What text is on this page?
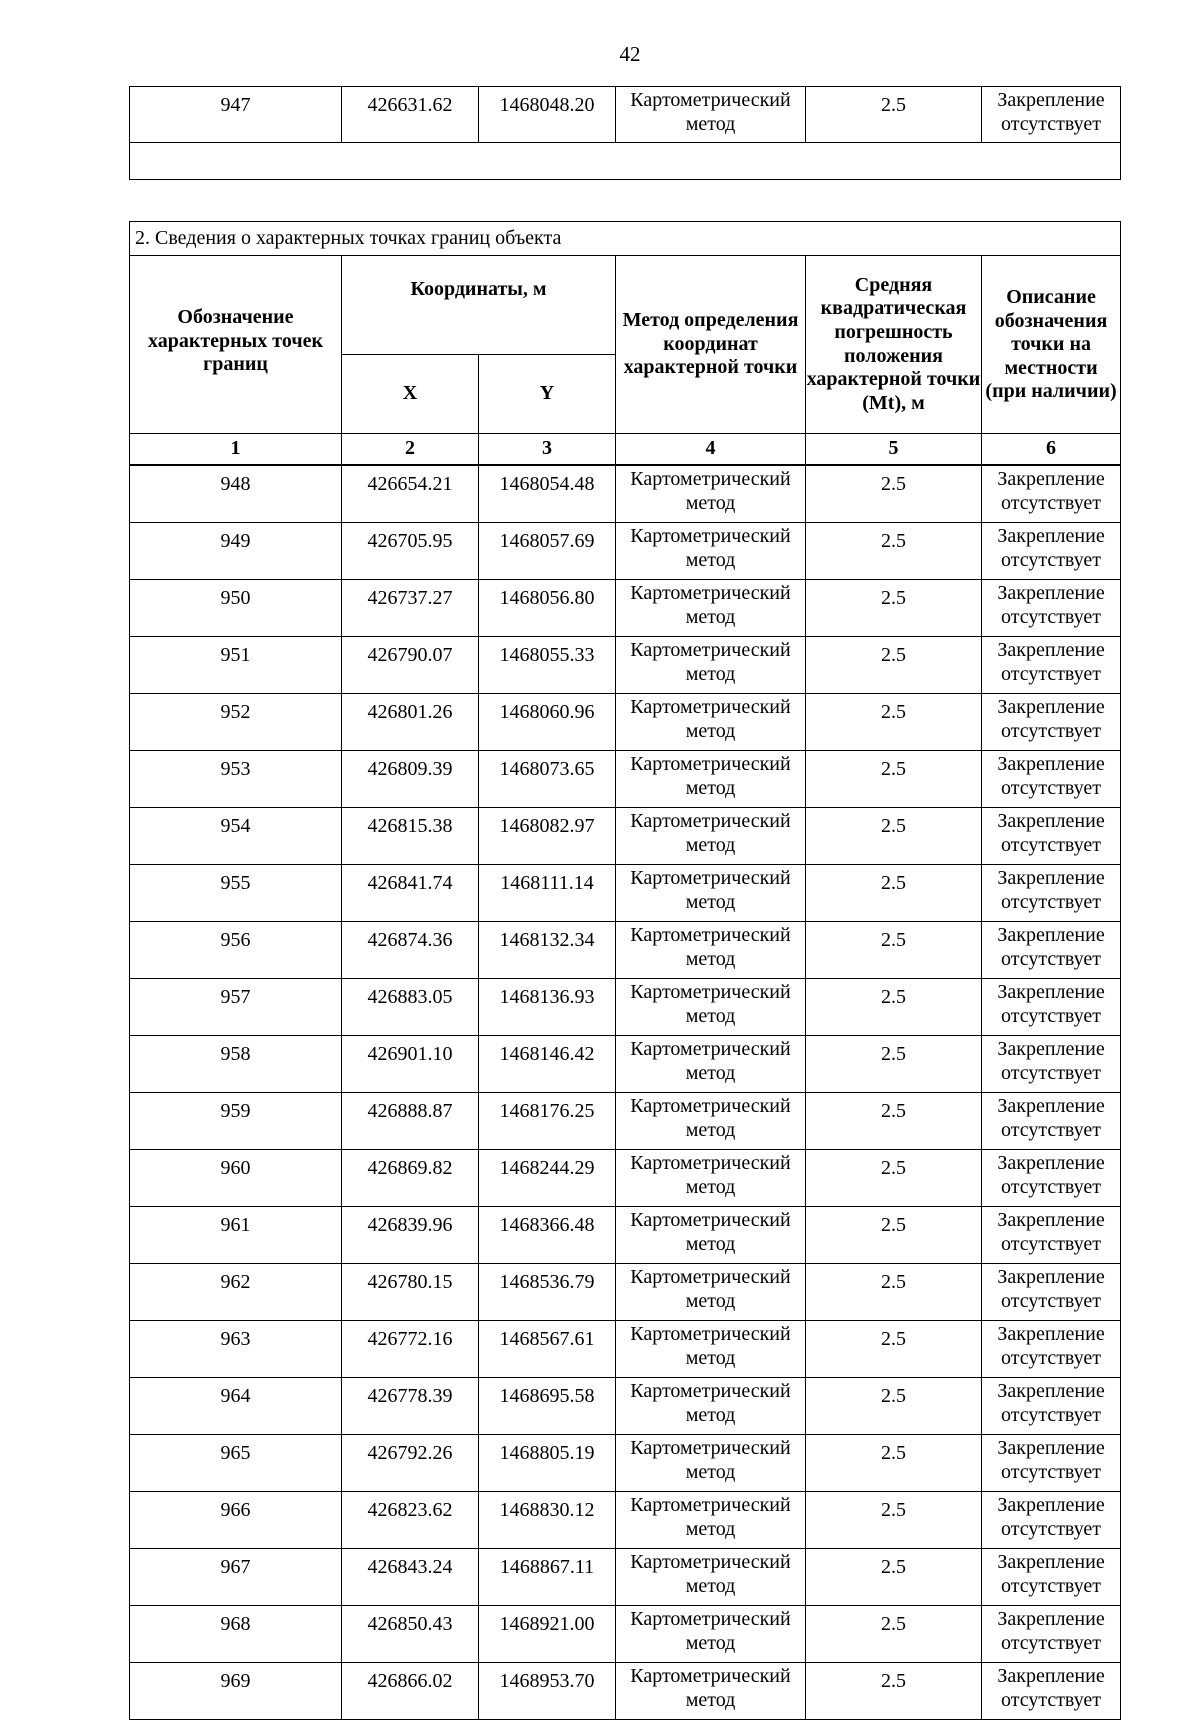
42
947	426631.62	1468048.20	Картометрический метод	2.5	Закрепление отсутствует

2. Сведения о характерных точках границ объекта					
Обозначение характерных точек границ	Координаты, м		Метод определения координат характерной точки	Средняя квадратическая погрешность положения характерной точки (Mt), м	Описание обозначения точки на местности (при наличии)
	X	Y			
1	2	3	4	5	6
948	426654.21	1468054.48	Картометрический метод	2.5	Закрепление отсутствует
949	426705.95	1468057.69	Картометрический метод	2.5	Закрепление отсутствует
950	426737.27	1468056.80	Картометрический метод	2.5	Закрепление отсутствует
951	426790.07	1468055.33	Картометрический метод	2.5	Закрепление отсутствует
952	426801.26	1468060.96	Картометрический метод	2.5	Закрепление отсутствует
953	426809.39	1468073.65	Картометрический метод	2.5	Закрепление отсутствует
954	426815.38	1468082.97	Картометрический метод	2.5	Закрепление отсутствует
955	426841.74	1468111.14	Картометрический метод	2.5	Закрепление отсутствует
956	426874.36	1468132.34	Картометрический метод	2.5	Закрепление отсутствует
957	426883.05	1468136.93	Картометрический метод	2.5	Закрепление отсутствует
958	426901.10	1468146.42	Картометрический метод	2.5	Закрепление отсутствует
959	426888.87	1468176.25	Картометрический метод	2.5	Закрепление отсутствует
960	426869.82	1468244.29	Картометрический метод	2.5	Закрепление отсутствует
961	426839.96	1468366.48	Картометрический метод	2.5	Закрепление отсутствует
962	426780.15	1468536.79	Картометрический метод	2.5	Закрепление отсутствует
963	426772.16	1468567.61	Картометрический метод	2.5	Закрепление отсутствует
964	426778.39	1468695.58	Картометрический метод	2.5	Закрепление отсутствует
965	426792.26	1468805.19	Картометрический метод	2.5	Закрепление отсутствует
966	426823.62	1468830.12	Картометрический метод	2.5	Закрепление отсутствует
967	426843.24	1468867.11	Картометрический метод	2.5	Закрепление отсутствует
968	426850.43	1468921.00	Картометрический метод	2.5	Закрепление отсутствует
969	426866.02	1468953.70	Картометрический метод	2.5	Закрепление отсутствует
